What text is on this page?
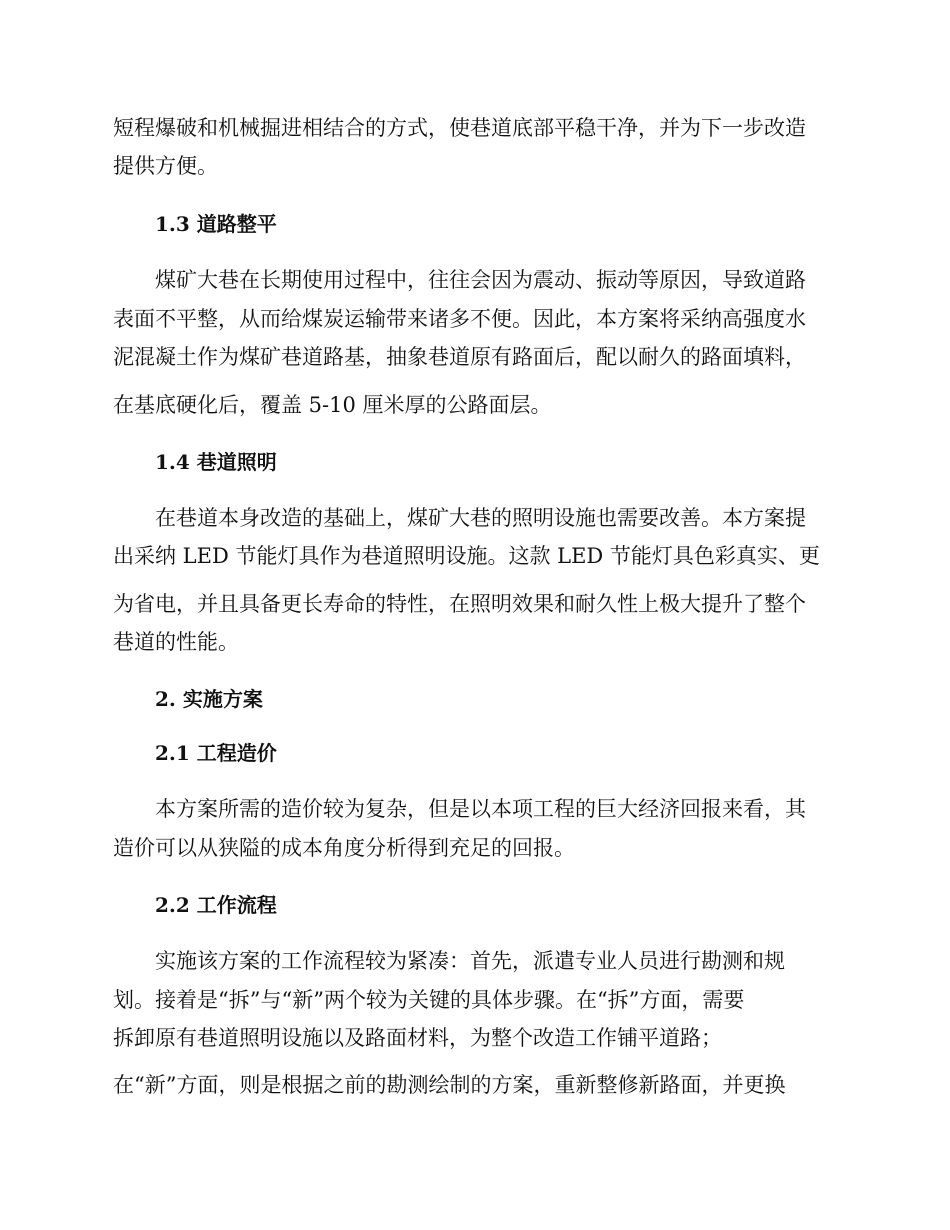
短程爆破和机械掘进相结合的方式，使巷道底部平稳干净，并为下一步改造
提供方便。
1.3 道路整平
煤矿大巷在长期使用过程中，往往会因为震动、振动等原因，导致道路
表面不平整，从而给煤炭运输带来诸多不便。因此，本方案将采纳高强度水
泥混凝土作为煤矿巷道路基，抽象巷道原有路面后，配以耐久的路面填料，
在基底硬化后，覆盖 5-10 厘米厚的公路面层。
1.4 巷道照明
在巷道本身改造的基础上，煤矿大巷的照明设施也需要改善。本方案提
出采纳 LED 节能灯具作为巷道照明设施。这款 LED 节能灯具色彩真实、更
为省电，并且具备更长寿命的特性，在照明效果和耐久性上极大提升了整个
巷道的性能。
2. 实施方案
2.1 工程造价
本方案所需的造价较为复杂，但是以本项工程的巨大经济回报来看，其
造价可以从狭隘的成本角度分析得到充足的回报。
2.2 工作流程
实施该方案的工作流程较为紧凑：首先，派遣专业人员进行勘测和规
划。接着是“拆”与“新”两个较为关键的具体步骤。在“拆”方面，需要
拆卸原有巷道照明设施以及路面材料，为整个改造工作铺平道路；
在“新”方面，则是根据之前的勘测绘制的方案，重新整修新路面，并更换
